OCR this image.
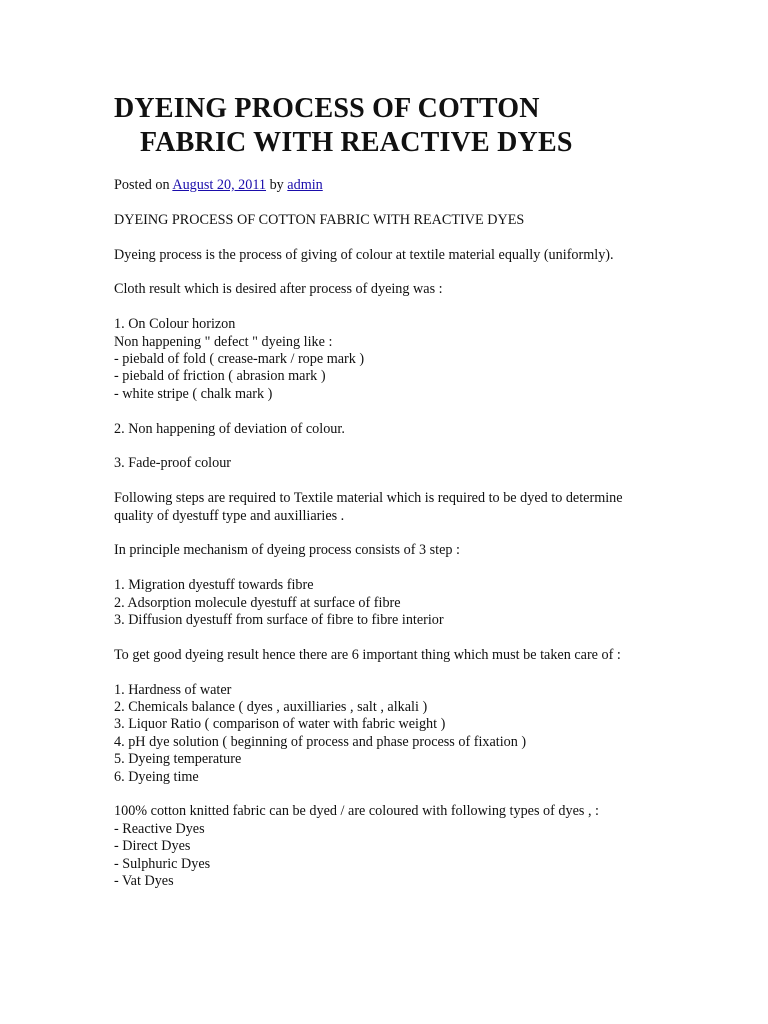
DYEING PROCESS OF COTTON
FABRIC WITH REACTIVE DYES

Posted on August 20, 2011 by admin

DYEING PROCESS OF COTTON FABRIC WITH REACTIVE DYES

Dyeing process is the process of giving of colour at textile material equally (uniformly).

Cloth result which is desired after process of dyeing was :

1. On Colour horizon
Non happening " defect " dyeing like :
- piebald of fold ( crease-mark / rope mark )
- piebald of friction ( abrasion mark )
- white stripe ( chalk mark )

2. Non happening of deviation of colour.

3. Fade-proof colour

Following steps are required to Textile material which is required to be dyed to determine
quality of dyestuff type and auxilliaries .

In principle mechanism of dyeing process consists of 3 step :

1. Migration dyestuff towards fibre
2. Adsorption molecule dyestuff at surface of fibre
3. Diffusion dyestuff from surface of fibre to fibre interior

To get good dyeing result hence there are 6 important thing which must be taken care of :

1. Hardness of water
2. Chemicals balance ( dyes , auxilliaries , salt , alkali )
3. Liquor Ratio ( comparison of water with fabric weight )
4. pH dye solution ( beginning of process and phase process of fixation )
5. Dyeing temperature
6. Dyeing time

100% cotton knitted fabric can be dyed / are coloured with following types of dyes , :
- Reactive Dyes
- Direct Dyes
- Sulphuric Dyes
- Vat Dyes
